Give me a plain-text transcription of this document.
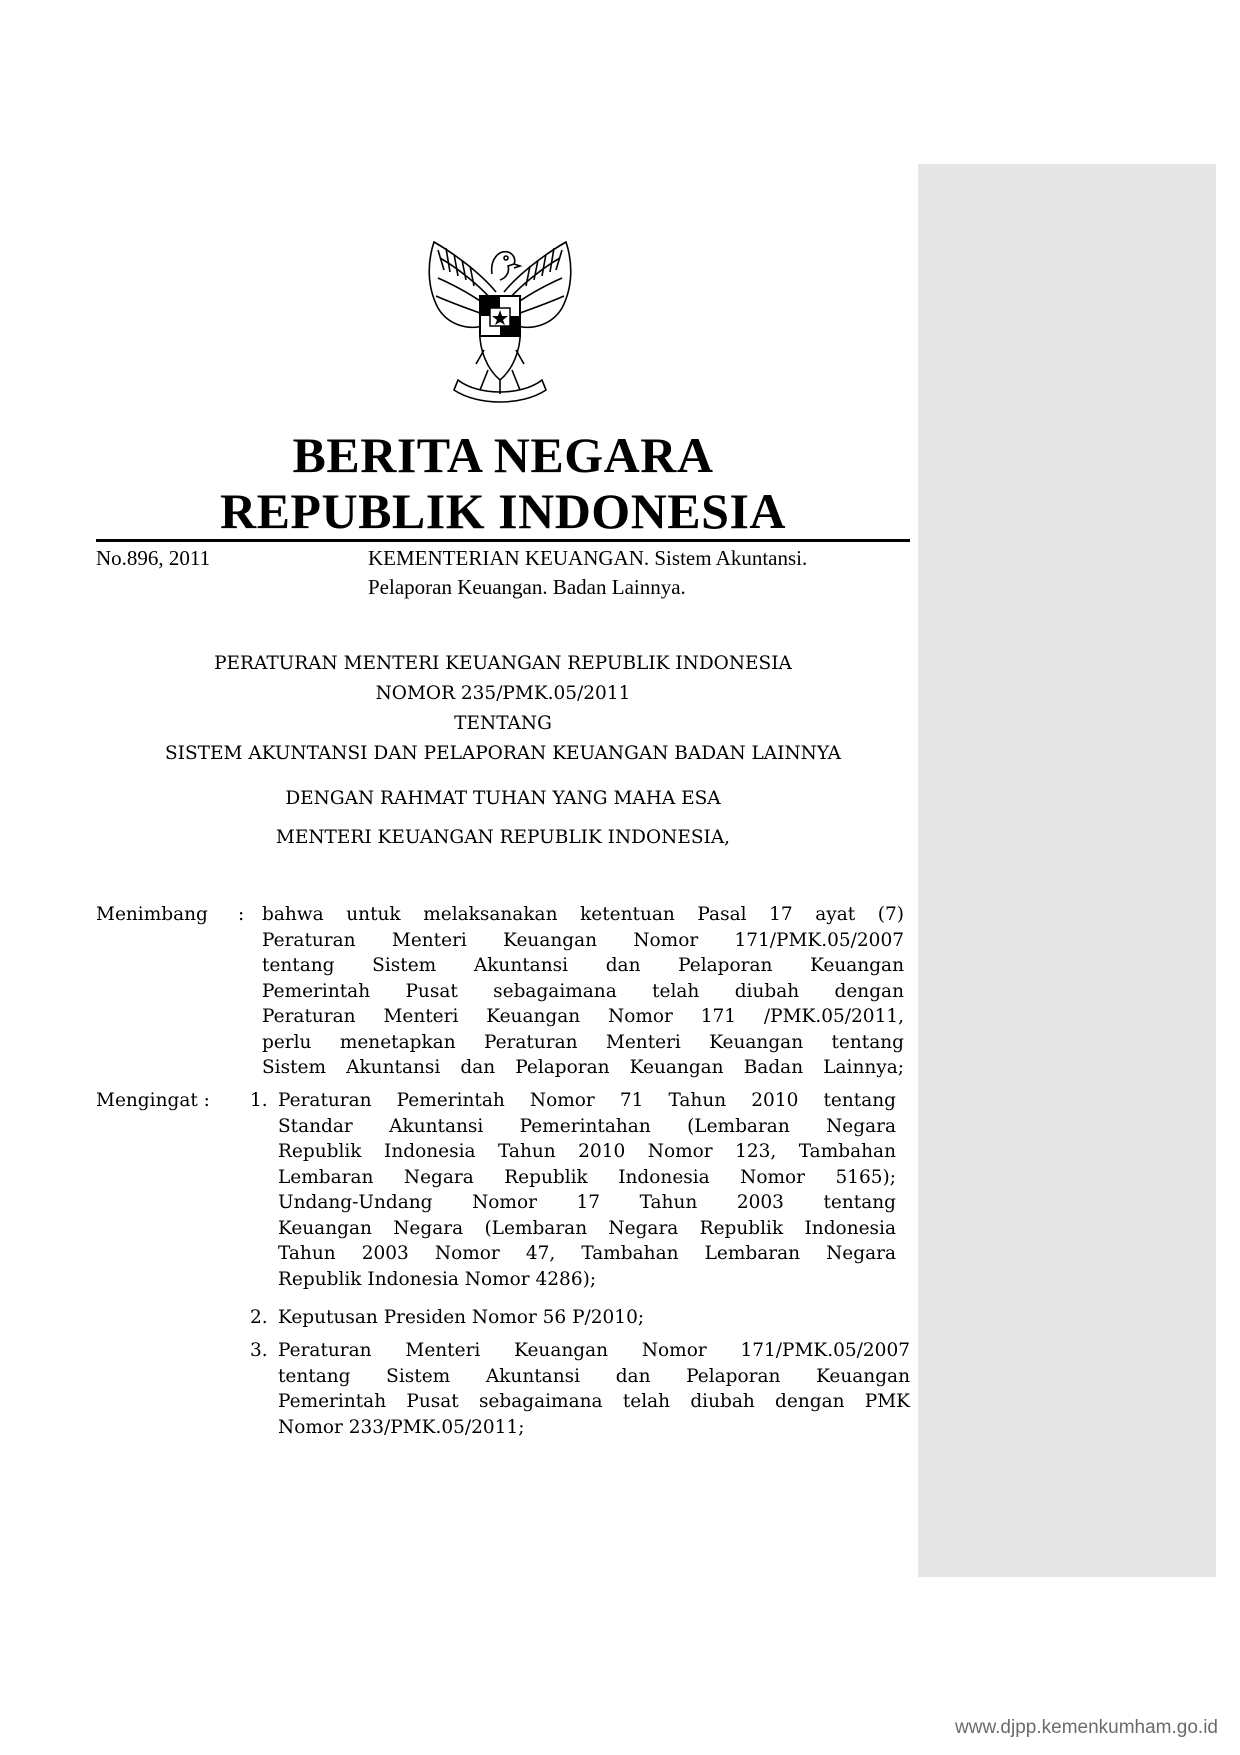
BERITA NEGARA
REPUBLIK INDONESIA
No.896, 2011	KEMENTERIAN KEUANGAN. Sistem Akuntansi.
Pelaporan Keuangan. Badan Lainnya.
PERATURAN MENTERI KEUANGAN REPUBLIK INDONESIA
NOMOR 235/PMK.05/2011
TENTANG
SISTEM AKUNTANSI DAN PELAPORAN KEUANGAN BADAN LAINNYA
DENGAN RAHMAT TUHAN YANG MAHA ESA
MENTERI KEUANGAN REPUBLIK INDONESIA,
Menimbang : bahwa untuk melaksanakan ketentuan Pasal 17 ayat (7)
Peraturan Menteri Keuangan Nomor 171/PMK.05/2007
tentang Sistem Akuntansi dan Pelaporan Keuangan
Pemerintah Pusat sebagaimana telah diubah dengan
Peraturan Menteri Keuangan Nomor 171 /PMK.05/2011,
perlu menetapkan Peraturan Menteri Keuangan tentang
Sistem Akuntansi dan Pelaporan Keuangan Badan Lainnya;
Mengingat : 1. Peraturan Pemerintah Nomor 71 Tahun 2010 tentang
Standar Akuntansi Pemerintahan (Lembaran Negara
Republik Indonesia Tahun 2010 Nomor 123, Tambahan
Lembaran Negara Republik Indonesia Nomor 5165);
Undang-Undang Nomor 17 Tahun 2003 tentang
Keuangan Negara (Lembaran Negara Republik Indonesia
Tahun 2003 Nomor 47, Tambahan Lembaran Negara
Republik Indonesia Nomor 4286);
2. Keputusan Presiden Nomor 56 P/2010;
3. Peraturan Menteri Keuangan Nomor 171/PMK.05/2007
tentang Sistem Akuntansi dan Pelaporan Keuangan
Pemerintah Pusat sebagaimana telah diubah dengan PMK
Nomor 233/PMK.05/2011;
www.djpp.kemenkumham.go.id
